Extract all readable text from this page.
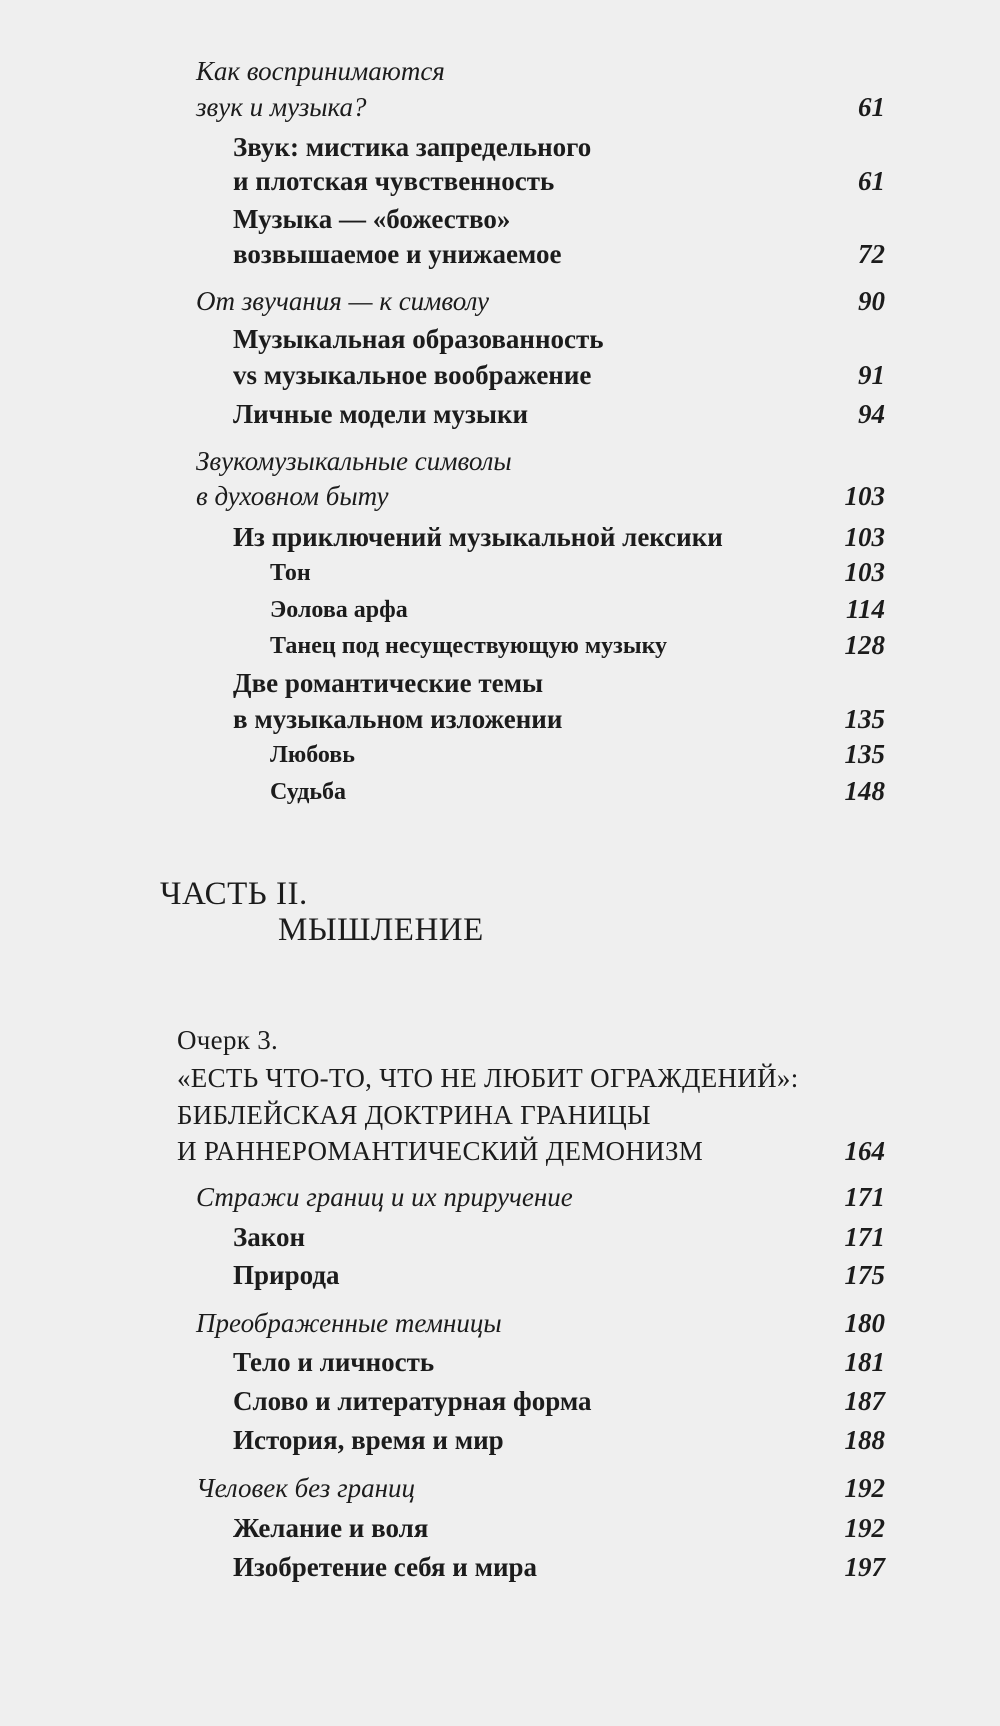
Как воспринимаются
звук и музыка?	61
Звук: мистика запредельного
и плотская чувственность	61
Музыка — «божество»
возвышаемое и унижаемое	72
От звучания — к символу	90
Музыкальная образованность
vs музыкальное воображение	91
Личные модели музыки	94
Звукомузыкальные символы
в духовном быту	103
Из приключений музыкальной лексики	103
Тон	103
Эолова арфа	114
Танец под несуществующую музыку	128
Две романтические темы
в музыкальном изложении	135
Любовь	135
Судьба	148
ЧАСТЬ II.
МЫШЛЕНИЕ
Очерк 3.
«ЕСТЬ ЧТО-ТО, ЧТО НЕ ЛЮБИТ ОГРАЖДЕНИЙ»:
БИБЛЕЙСКАЯ ДОКТРИНА ГРАНИЦЫ
И РАННЕРОМАНТИЧЕСКИЙ ДЕМОНИЗМ	164
Стражи границ и их приручение	171
Закон	171
Природа	175
Преображенные темницы	180
Тело и личность	181
Слово и литературная форма	187
История, время и мир	188
Человек без границ	192
Желание и воля	192
Изобретение себя и мира	197
